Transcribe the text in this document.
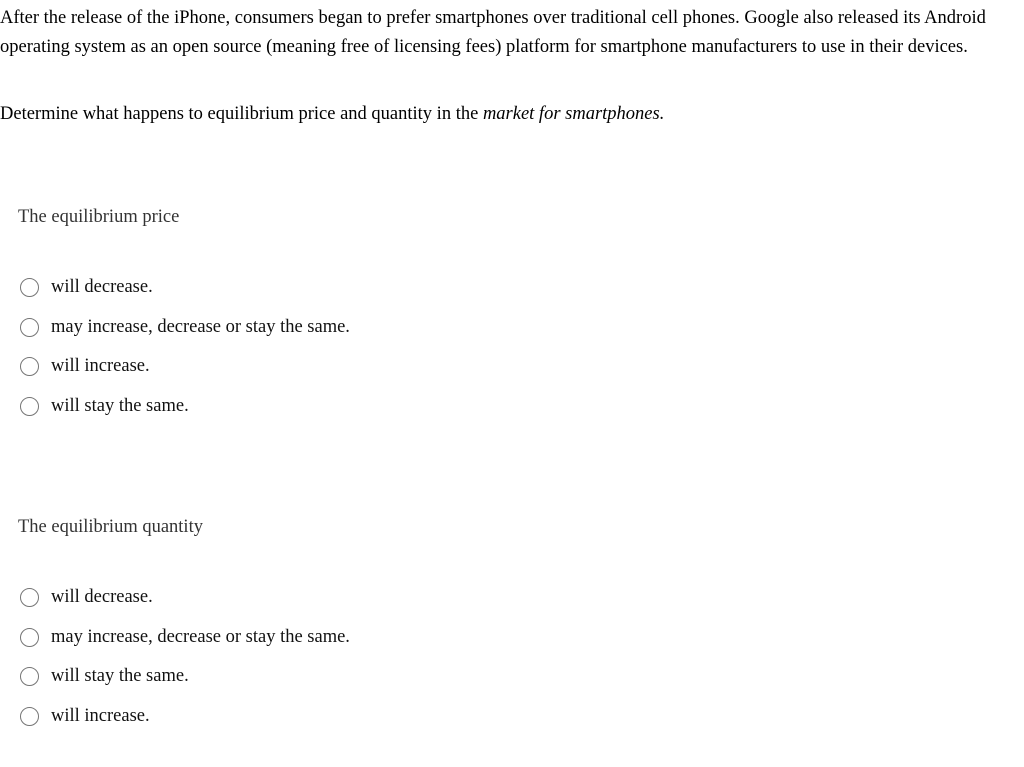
After the release of the iPhone, consumers began to prefer smartphones over traditional cell phones. Google also released its Android operating system as an open source (meaning free of licensing fees) platform for smartphone manufacturers to use in their devices.

Determine what happens to equilibrium price and quantity in the market for smartphones.
The equilibrium price
will decrease.
may increase, decrease or stay the same.
will increase.
will stay the same.
The equilibrium quantity
will decrease.
may increase, decrease or stay the same.
will stay the same.
will increase.
